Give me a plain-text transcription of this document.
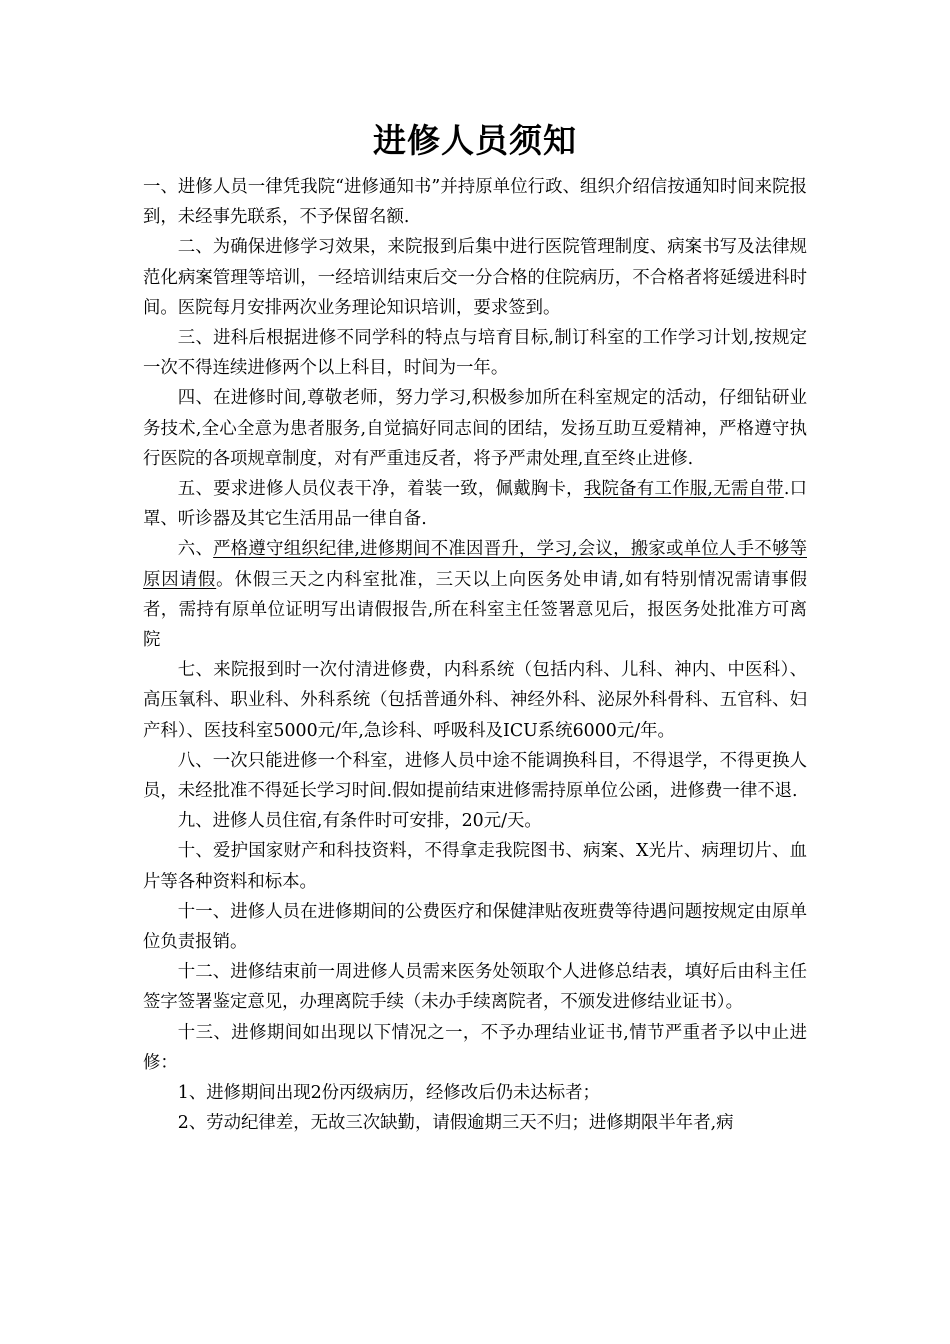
进修人员须知

一、进修人员一律凭我院“进修通知书”并持原单位行政、组织介绍信按通知时间来院报到，未经事先联系，不予保留名额.

二、为确保进修学习效果，来院报到后集中进行医院管理制度、病案书写及法律规范化病案管理等培训，一经培训结束后交一分合格的住院病历，不合格者将延缓进科时间。医院每月安排两次业务理论知识培训，要求签到。

三、进科后根据进修不同学科的特点与培育目标,制订科室的工作学习计划,按规定一次不得连续进修两个以上科目，时间为一年。

四、在进修时间,尊敬老师，努力学习,积极参加所在科室规定的活动，仔细钻研业务技术,全心全意为患者服务,自觉搞好同志间的团结，发扬互助互爱精神，严格遵守执行医院的各项规章制度，对有严重违反者，将予严肃处理,直至终止进修.

五、要求进修人员仪表干净，着装一致，佩戴胸卡，我院备有工作服,无需自带.口罩、听诊器及其它生活用品一律自备.

六、严格遵守组织纪律,进修期间不准因晋升，学习,会议，搬家或单位人手不够等原因请假。休假三天之内科室批准，三天以上向医务处申请,如有特别情况需请事假者，需持有原单位证明写出请假报告,所在科室主任签署意见后，报医务处批准方可离院

七、来院报到时一次付清进修费，内科系统（包括内科、儿科、神内、中医科）、高压氧科、职业科、外科系统（包括普通外科、神经外科、泌尿外科骨科、五官科、妇产科）、医技科室5000元/年,急诊科、呼吸科及ICU系统6000元/年。

八、一次只能进修一个科室，进修人员中途不能调换科目，不得退学，不得更换人员，未经批准不得延长学习时间.假如提前结束进修需持原单位公函，进修费一律不退.

九、进修人员住宿,有条件时可安排，20元/天。

十、爱护国家财产和科技资料，不得拿走我院图书、病案、X光片、病理切片、血片等各种资料和标本。

十一、进修人员在进修期间的公费医疗和保健津贴夜班费等待遇问题按规定由原单位负责报销。

十二、进修结束前一周进修人员需来医务处领取个人进修总结表，填好后由科主任签字签署鉴定意见，办理离院手续（未办手续离院者，不颁发进修结业证书）。

十三、进修期间如出现以下情况之一，不予办理结业证书,情节严重者予以中止进修：

1、进修期间出现2份丙级病历，经修改后仍未达标者；

2、劳动纪律差，无故三次缺勤，请假逾期三天不归；进修期限半年者,病
